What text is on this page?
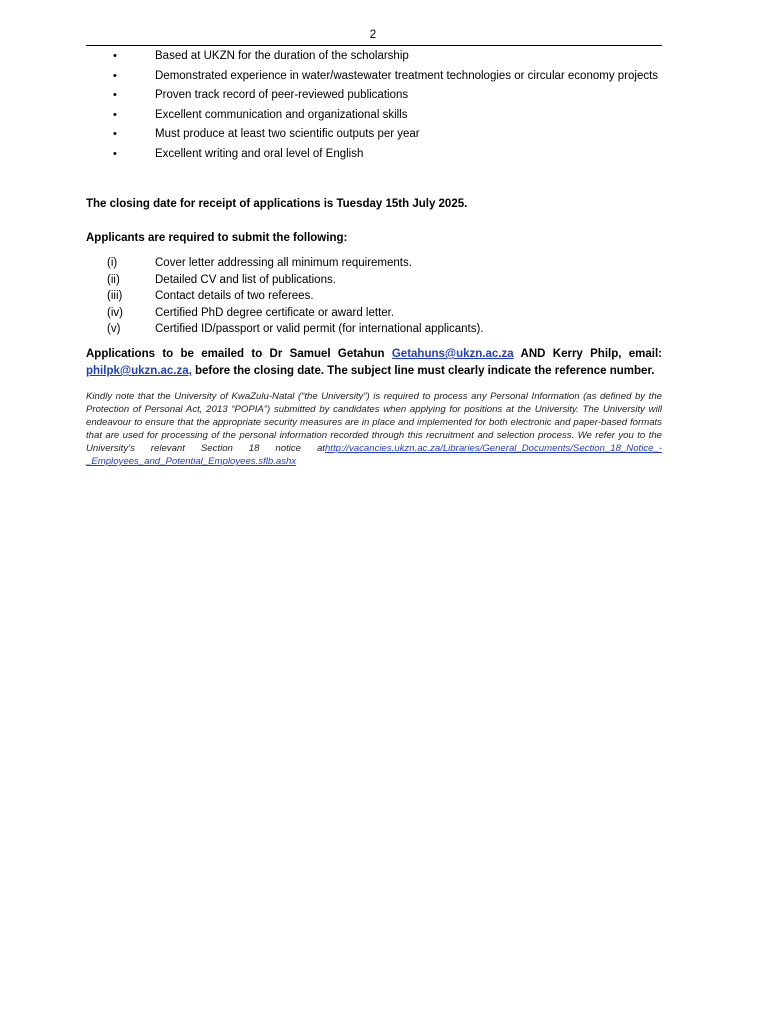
2
•	Based at UKZN for the duration of the scholarship
•	Demonstrated experience in water/wastewater treatment technologies or circular economy projects
•	Proven track record of peer-reviewed publications
•	Excellent communication and organizational skills
•	Must produce at least two scientific outputs per year
•	Excellent writing and oral level of English
The closing date for receipt of applications is Tuesday 15th July 2025.
Applicants are required to submit the following:
(i)	Cover letter addressing all minimum requirements.
(ii)	Detailed CV and list of publications.
(iii)	Contact details of two referees.
(iv)	Certified PhD degree certificate or award letter.
(v)	Certified ID/passport or valid permit (for international applicants).
Applications to be emailed to Dr Samuel Getahun Getahuns@ukzn.ac.za AND Kerry Philp, email: philpk@ukzn.ac.za, before the closing date. The subject line must clearly indicate the reference number.
Kindly note that the University of KwaZulu-Natal (“the University”) is required to process any Personal Information (as defined by the Protection of Personal Act, 2013 “POPIA”) submitted by candidates when applying for positions at the University. The University will endeavour to ensure that the appropriate security measures are in place and implemented for both electronic and paper-based formats that are used for processing of the personal information recorded through this recruitment and selection process. We refer you to the University’s relevant Section 18 notice athttp://vacancies.ukzn.ac.za/Libraries/General_Documents/Section_18_Notice_-_Employees_and_Potential_Employees.sflb.ashx
